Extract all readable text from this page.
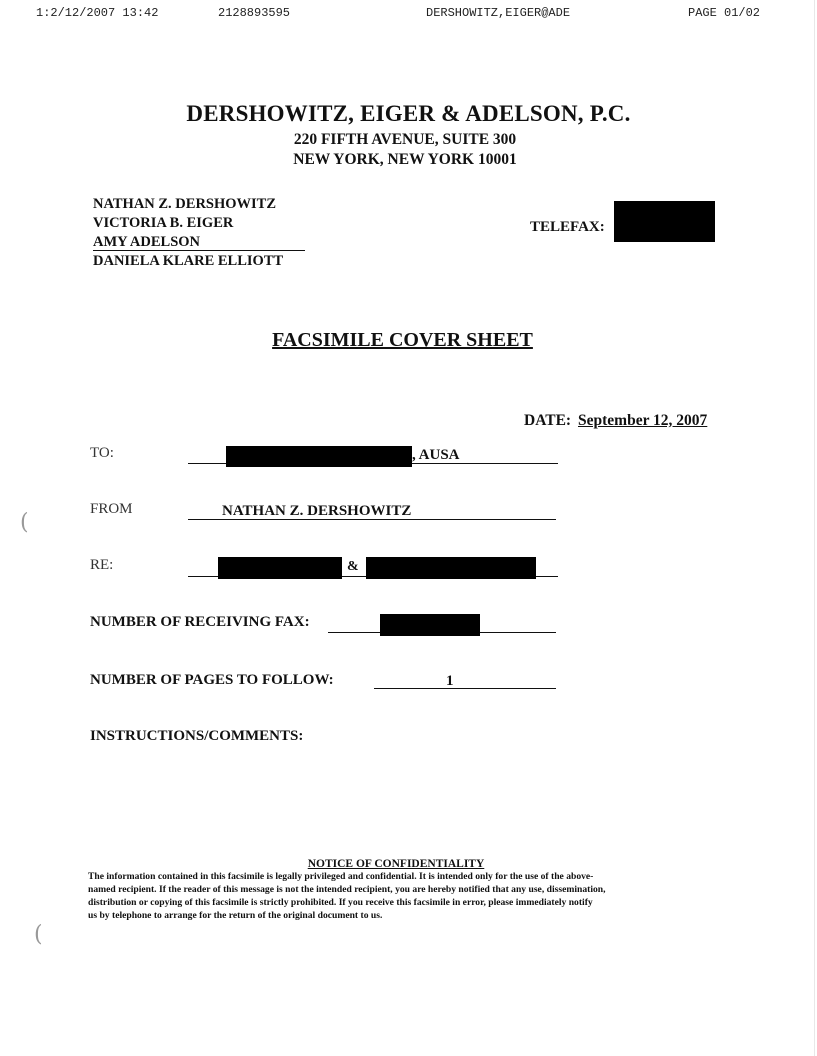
(
(
1:2/12/2007 13:42	2128893595	DERSHOWITZ,EIGER@ADE	PAGE 01/02
DERSHOWITZ, EIGER & ADELSON, P.C.
220 FIFTH AVENUE, SUITE 300
NEW YORK, NEW YORK 10001
NATHAN Z. DERSHOWITZ
VICTORIA B. EIGER
AMY ADELSON
DANIELA KLARE ELLIOTT
TELEFAX:
FACSIMILE COVER SHEET
DATE: September 12, 2007
TO:	, AUSA
FROM	NATHAN Z. DERSHOWITZ
RE:	&
NUMBER OF RECEIVING FAX:
NUMBER OF PAGES TO FOLLOW:	1
INSTRUCTIONS/COMMENTS:
NOTICE OF CONFIDENTIALITY
The information contained in this facsimile is legally privileged and confidential. It is intended only for the use of the above-
named recipient. If the reader of this message is not the intended recipient, you are hereby notified that any use, dissemination,
distribution or copying of this facsimile is strictly prohibited. If you receive this facsimile in error, please immediately notify
us by telephone to arrange for the return of the original document to us.
